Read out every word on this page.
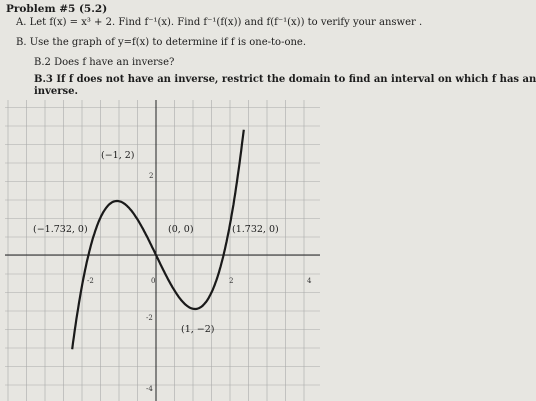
Problem #5 (5.2)
A. Let f(x) = x³ + 2. Find f⁻¹(x). Find f⁻¹(f(x)) and f(f⁻¹(x)) to verify your answer .
B. Use the graph of y=f(x) to determine if f is one-to-one.
B.2 Does f have an inverse?
B.3 If f does not have an inverse, restrict the domain to find an interval on which f has an
inverse.
-2	0	2	4
2
-2
-4
(−1, 2)
(−1.732, 0)	(0, 0)	(1.732, 0)
(1, −2)
